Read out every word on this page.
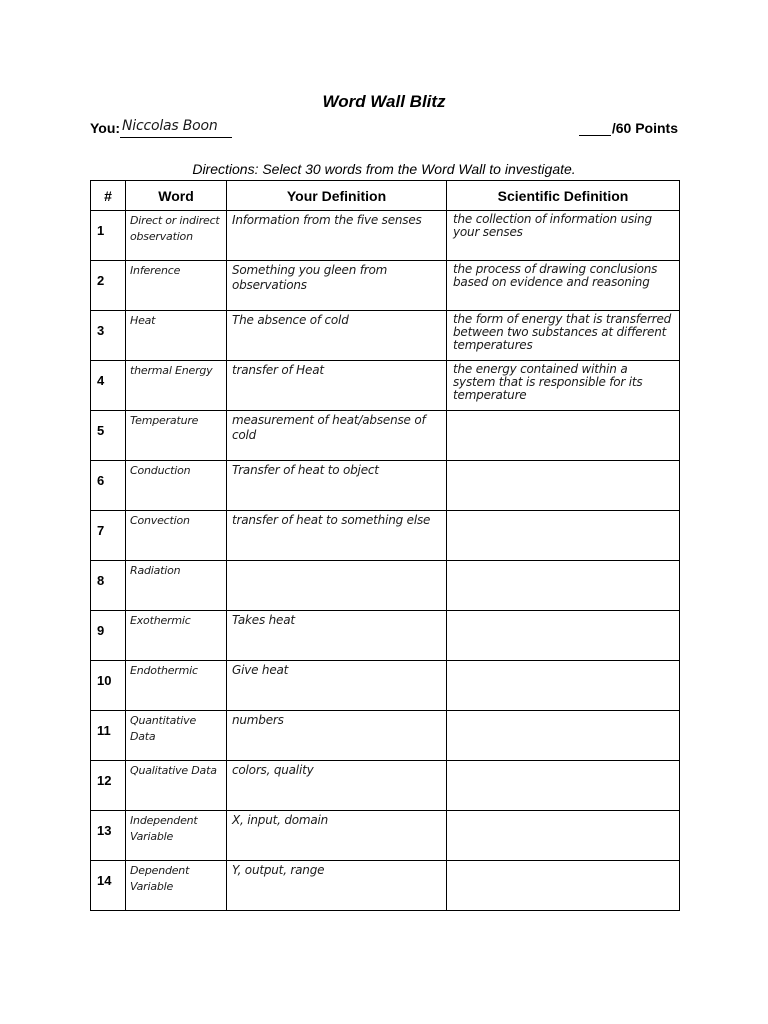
Word Wall Blitz
You: Niccolas Boon	/60 Points
Directions: Select 30 words from the Word Wall to investigate.
#	Word	Your Definition	Scientific Definition
1	Direct or indirect observation	Information from the five senses	the collection of information using your senses

2	Inference	Something you gleen from observations	the process of drawing conclusions based on evidence and reasoning

3	Heat	The absence of cold	the form of energy that is transferred between two substances at different temperatures

4	thermal Energy	transfer of Heat	the energy contained within a system that is responsible for its temperature

5	Temperature	measurement of heat/absense of cold	

6	Conduction	Transfer of heat to object	

7	Convection	transfer of heat to something else	

8	Radiation		

9	Exothermic	Takes heat	

10	Endothermic	Give heat	

11	Quantitative Data	numbers	

12	Qualitative Data	colors, quality	

13	Independent Variable	X, input, domain	

14	Dependent Variable	Y, output, range	
